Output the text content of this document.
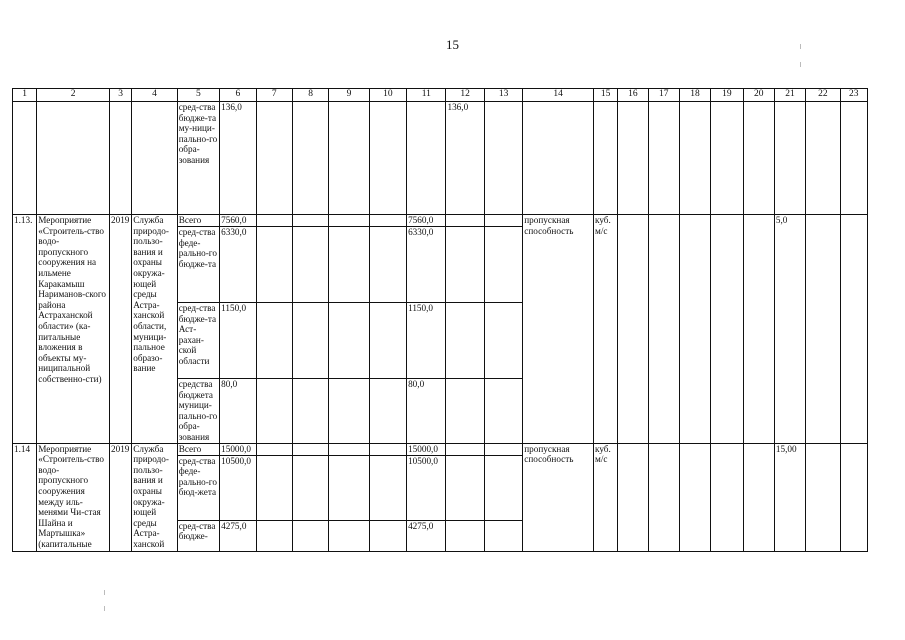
15
1	2	3	4	5	6	7	8	9	10	11	12	13	14	15	16	17	18	19	20	21	22	23
				сред-ства бюдже-та му-ници-пально-го обра-зования	136,0						136,0											
1.13.	Мероприятие «Строитель-ство водо-пропускного сооружения на ильмене Каракамыш Нариманов-ского района Астраханской области» (ка-питальные вложения в объекты му-ниципальной собственно-сти)	2019	Служба природо-пользо-вания и охраны окружа-ющей среды Астра-ханской области, муници-пальное образо-вание	Всего	7560,0					7560,0			пропускная способность	куб. м/с						5,0		
				сред-ства феде-рально-го бюдже-та	6330,0					6330,0												
				сред-ства бюдже-та Аст-рахан-ской области	1150,0					1150,0												
				средства бюджета муници-пально-го обра-зования	80,0					80,0												
1.14	Мероприятие «Строитель-ство водо-пропускного сооружения между иль-менями Чи-стая Шайна и Мартышка» (капитальные	2019	Служба природо-пользо-вания и охраны окружа-ющей среды Астра-ханской	Всего	15000,0					15000,0			пропускная способность	куб. м/с						15,00		
				сред-ства феде-рально-го бюд-жета	10500,0					10500,0												
				сред-ства бюдже-	4275,0					4275,0												
